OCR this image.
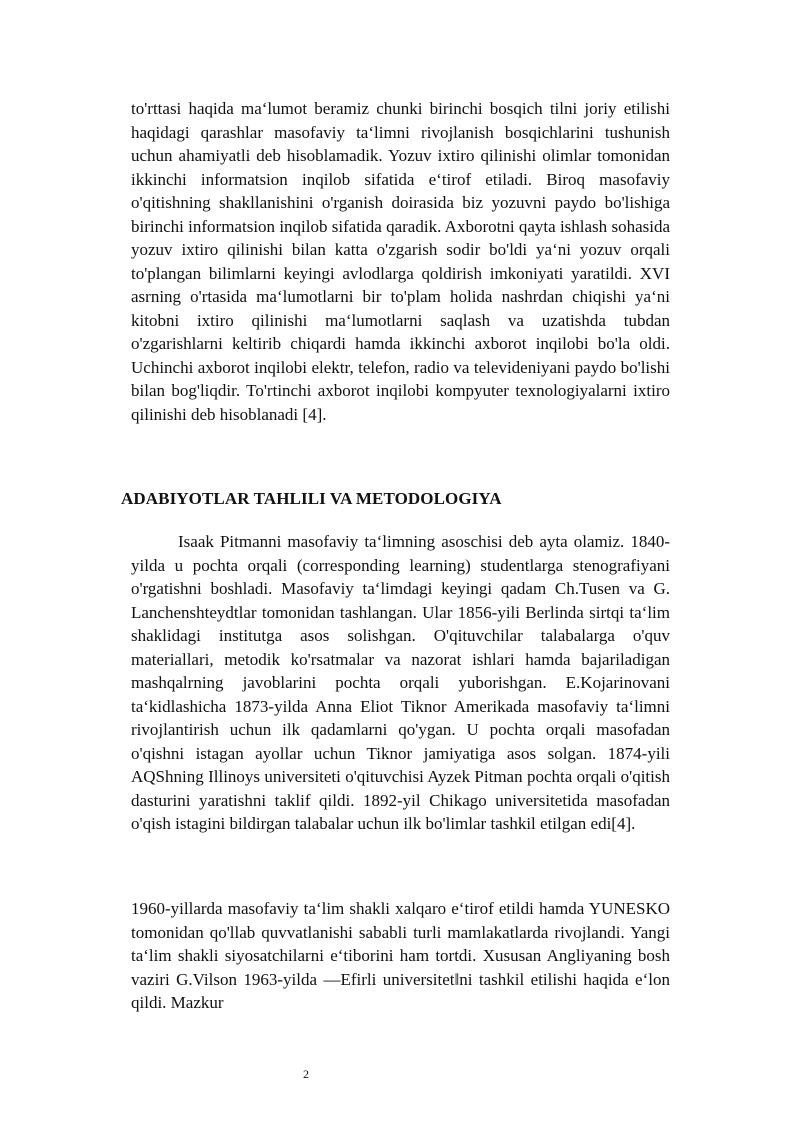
to'rttasi haqida ma‘lumot beramiz chunki birinchi bosqich tilni joriy etilishi haqidagi qarashlar masofaviy ta‘limni rivojlanish bosqichlarini tushunish uchun ahamiyatli deb hisoblamadik. Yozuv ixtiro qilinishi olimlar tomonidan ikkinchi informatsion inqilob sifatida e‘tirof etiladi. Biroq masofaviy o'qitishning shakllanishini o'rganish doirasida biz yozuvni paydo bo'lishiga birinchi informatsion inqilob sifatida qaradik. Axborotni qayta ishlash sohasida yozuv ixtiro qilinishi bilan katta o'zgarish sodir bo'ldi ya‘ni yozuv orqali to'plangan bilimlarni keyingi avlodlarga qoldirish imkoniyati yaratildi. XVI asrning o'rtasida ma‘lumotlarni bir to'plam holida nashrdan chiqishi ya‘ni kitobni ixtiro qilinishi ma‘lumotlarni saqlash va uzatishda tubdan o'zgarishlarni keltirib chiqardi hamda ikkinchi axborot inqilobi bo'la oldi. Uchinchi axborot inqilobi elektr, telefon, radio va televideniyani paydo bo'lishi bilan bog'liqdir. To'rtinchi axborot inqilobi kompyuter texnologiyalarni ixtiro qilinishi deb hisoblanadi [4].

ADABIYOTLAR TAHLILI VA METODOLOGIYA

Isaak Pitmanni masofaviy ta‘limning asoschisi deb ayta olamiz. 1840-yilda u pochta orqali (corresponding learning) studentlarga stenografiyani o'rgatishni boshladi. Masofaviy ta‘limdagi keyingi qadam Ch.Tusen va G. Lanchenshteydtlar tomonidan tashlangan. Ular 1856-yili Berlinda sirtqi ta‘lim shaklidagi institutga asos solishgan. O'qituvchilar talabalarga o'quv materiallari, metodik ko'rsatmalar va nazorat ishlari hamda bajariladigan mashqalrning javoblarini pochta orqali yuborishgan. E.Kojarinovani ta‘kidlashicha 1873-yilda Anna Eliot Tiknor Amerikada masofaviy ta‘limni rivojlantirish uchun ilk qadamlarni qo'ygan. U pochta orqali masofadan o'qishni istagan ayollar uchun Tiknor jamiyatiga asos solgan. 1874-yili AQShning Illinoys universiteti o'qituvchisi Ayzek Pitman pochta orqali o'qitish dasturini yaratishni taklif qildi. 1892-yil Chikago universitetida masofadan o'qish istagini bildirgan talabalar uchun ilk bo'limlar tashkil etilgan edi[4].

1960-yillarda masofaviy ta‘lim shakli xalqaro e‘tirof etildi hamda YUNESKO tomonidan qo'llab quvvatlanishi sababli turli mamlakatlarda rivojlandi. Yangi ta‘lim shakli siyosatchilarni e‘tiborini ham tortdi. Xususan Angliyaning bosh vaziri G.Vilson 1963-yilda ―Efirli universitet‖ni tashkil etilishi haqida e‘lon qildi. Mazkur

2
